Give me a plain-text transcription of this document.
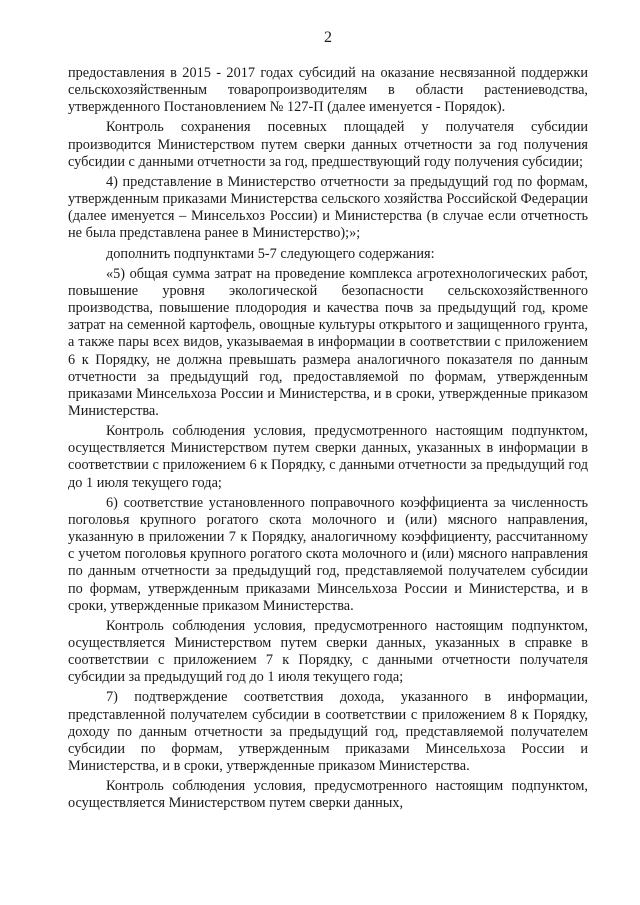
2

предоставления в 2015 - 2017 годах субсидий на оказание несвязанной поддержки сельскохозяйственным товаропроизводителям в области растениеводства, утвержденного Постановлением № 127-П (далее именуется - Порядок).

Контроль сохранения посевных площадей у получателя субсидии производится Министерством путем сверки данных отчетности за год получения субсидии с данными отчетности за год, предшествующий году получения субсидии;

4) представление в Министерство отчетности за предыдущий год по формам, утвержденным приказами Министерства сельского хозяйства Российской Федерации (далее именуется – Минсельхоз России) и Министерства (в случае если отчетность не была представлена ранее в Министерство);»;

дополнить подпунктами 5-7 следующего содержания:

«5) общая сумма затрат на проведение комплекса агротехнологических работ, повышение уровня экологической безопасности сельскохозяйственного производства, повышение плодородия и качества почв за предыдущий год, кроме затрат на семенной картофель, овощные культуры открытого и защищенного грунта, а также пары всех видов, указываемая в информации в соответствии с приложением 6 к Порядку, не должна превышать размера аналогичного показателя по данным отчетности за предыдущий год, предоставляемой по формам, утвержденным приказами Минсельхоза России и Министерства, и в сроки, утвержденные приказом Министерства.

Контроль соблюдения условия, предусмотренного настоящим подпунктом, осуществляется Министерством путем сверки данных, указанных в информации в соответствии с приложением 6 к Порядку, с данными отчетности за предыдущий год до 1 июля текущего года;

6) соответствие установленного поправочного коэффициента за численность поголовья крупного рогатого скота молочного и (или) мясного направления, указанную в приложении 7 к Порядку, аналогичному коэффициенту, рассчитанному с учетом поголовья крупного рогатого скота молочного и (или) мясного направления по данным отчетности за предыдущий год, представляемой получателем субсидии по формам, утвержденным приказами Минсельхоза России и Министерства, и в сроки, утвержденные приказом Министерства.

Контроль соблюдения условия, предусмотренного настоящим подпунктом, осуществляется Министерством путем сверки данных, указанных в справке в соответствии с приложением 7 к Порядку, с данными отчетности получателя субсидии за предыдущий год до 1 июля текущего года;

7) подтверждение соответствия дохода, указанного в информации, представленной получателем субсидии в соответствии с приложением 8 к Порядку, доходу по данным отчетности за предыдущий год, представляемой получателем субсидии по формам, утвержденным приказами Минсельхоза России и Министерства, и в сроки, утвержденные приказом Министерства.

Контроль соблюдения условия, предусмотренного настоящим подпунктом, осуществляется Министерством путем сверки данных,
